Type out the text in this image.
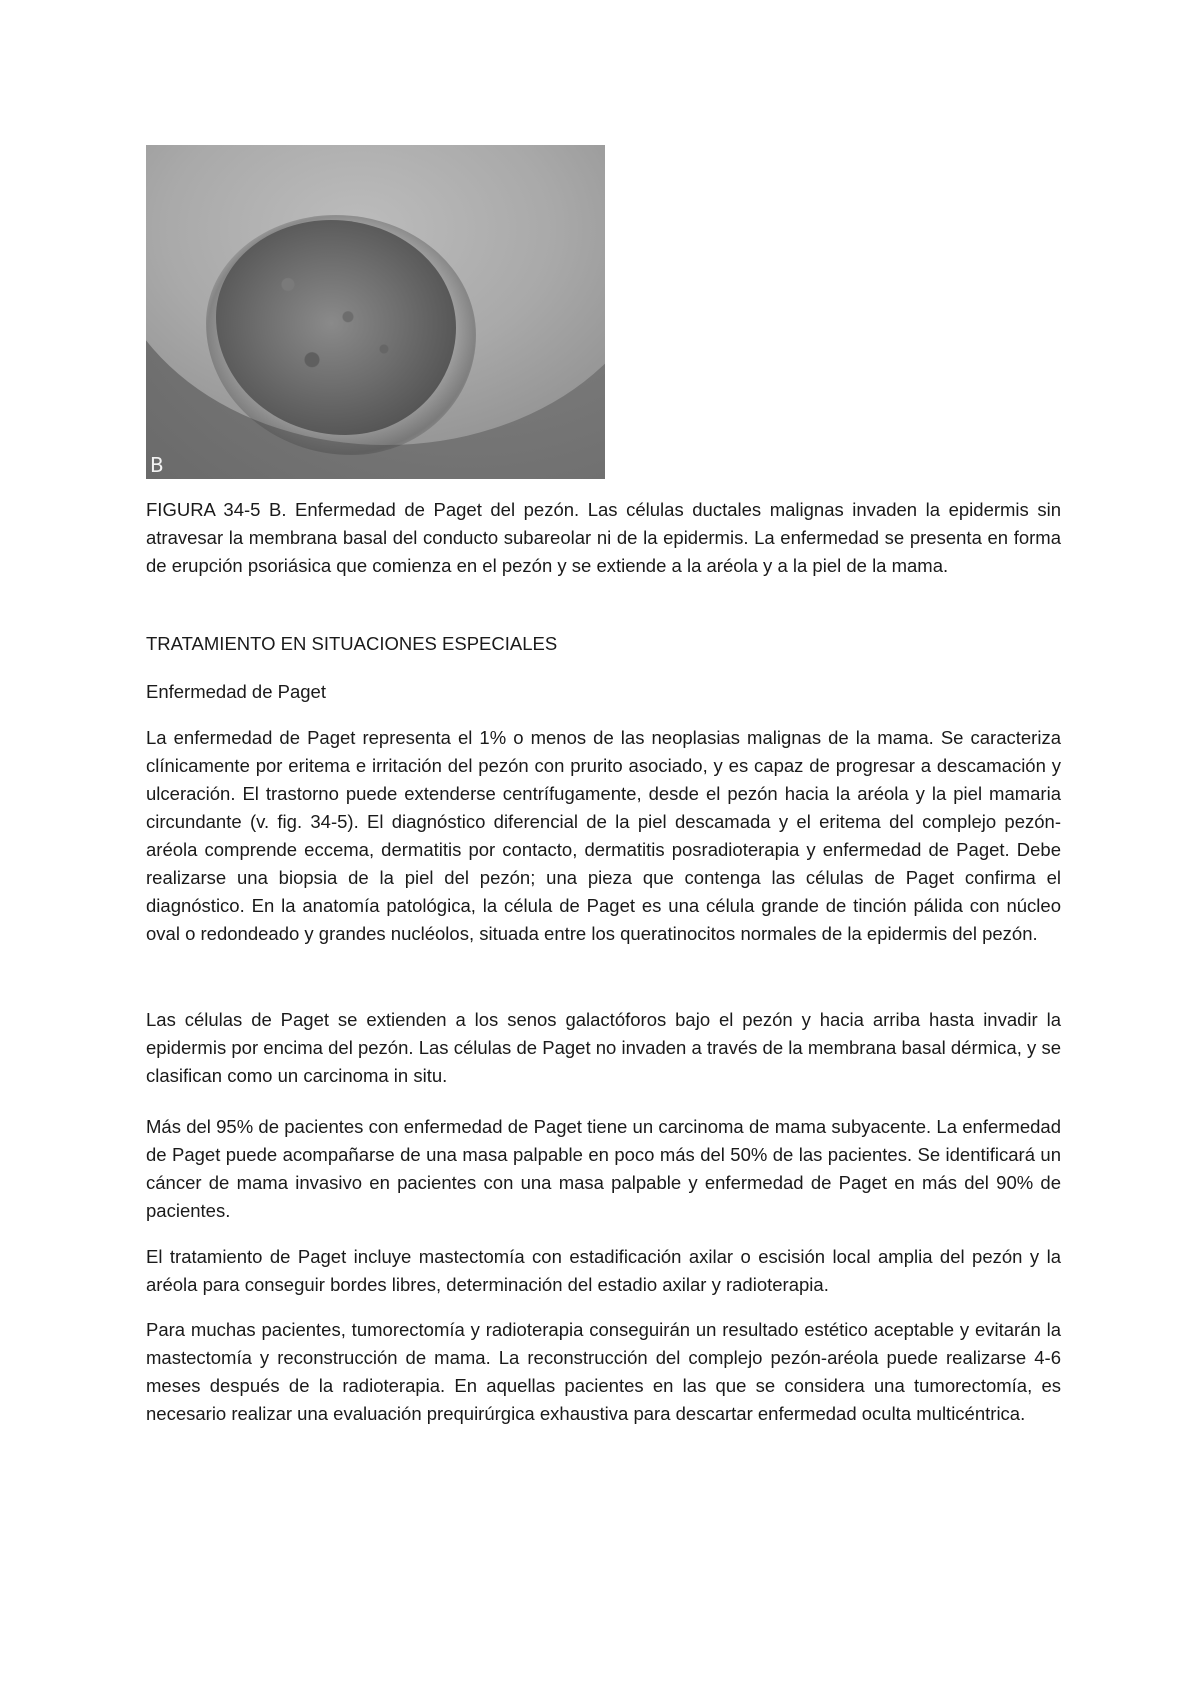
B

FIGURA 34-5 B. Enfermedad de Paget del pezón. Las células ductales malignas invaden la epidermis sin atravesar la membrana basal del conducto subareolar ni de la epidermis. La enfermedad se presenta en forma de erupción psoriásica que comienza en el pezón y se extiende a la aréola y a la piel de la mama.

TRATAMIENTO EN SITUACIONES ESPECIALES

Enfermedad de Paget

La enfermedad de Paget representa el 1% o menos de las neoplasias malignas de la mama. Se caracteriza clínicamente por eritema e irritación del pezón con prurito asociado, y es capaz de progresar a descamación y ulceración. El trastorno puede extenderse centrífugamente, desde el pezón hacia la aréola y la piel mamaria circundante (v. fig. 34-5). El diagnóstico diferencial de la piel descamada y el eritema del complejo pezón-aréola comprende eccema, dermatitis por contacto, dermatitis posradioterapia y enfermedad de Paget. Debe realizarse una biopsia de la piel del pezón; una pieza que contenga las células de Paget confirma el diagnóstico. En la anatomía patológica, la célula de Paget es una célula grande de tinción pálida con núcleo oval o redondeado y grandes nucléolos, situada entre los queratinocitos normales de la epidermis del pezón.

Las células de Paget se extienden a los senos galactóforos bajo el pezón y hacia arriba hasta invadir la epidermis por encima del pezón. Las células de Paget no invaden a través de la membrana basal dérmica, y se clasifican como un carcinoma in situ.

Más del 95% de pacientes con enfermedad de Paget tiene un carcinoma de mama subyacente. La enfermedad de Paget puede acompañarse de una masa palpable en poco más del 50% de las pacientes. Se identificará un cáncer de mama invasivo en pacientes con una masa palpable y enfermedad de Paget en más del 90% de pacientes.

El tratamiento de Paget incluye mastectomía con estadificación axilar o escisión local amplia del pezón y la aréola para conseguir bordes libres, determinación del estadio axilar y radioterapia.

Para muchas pacientes, tumorectomía y radioterapia conseguirán un resultado estético aceptable y evitarán la mastectomía y reconstrucción de mama. La reconstrucción del complejo pezón-aréola puede realizarse 4-6 meses después de la radioterapia. En aquellas pacientes en las que se considera una tumorectomía, es necesario realizar una evaluación prequirúrgica exhaustiva para descartar enfermedad oculta multicéntrica.
